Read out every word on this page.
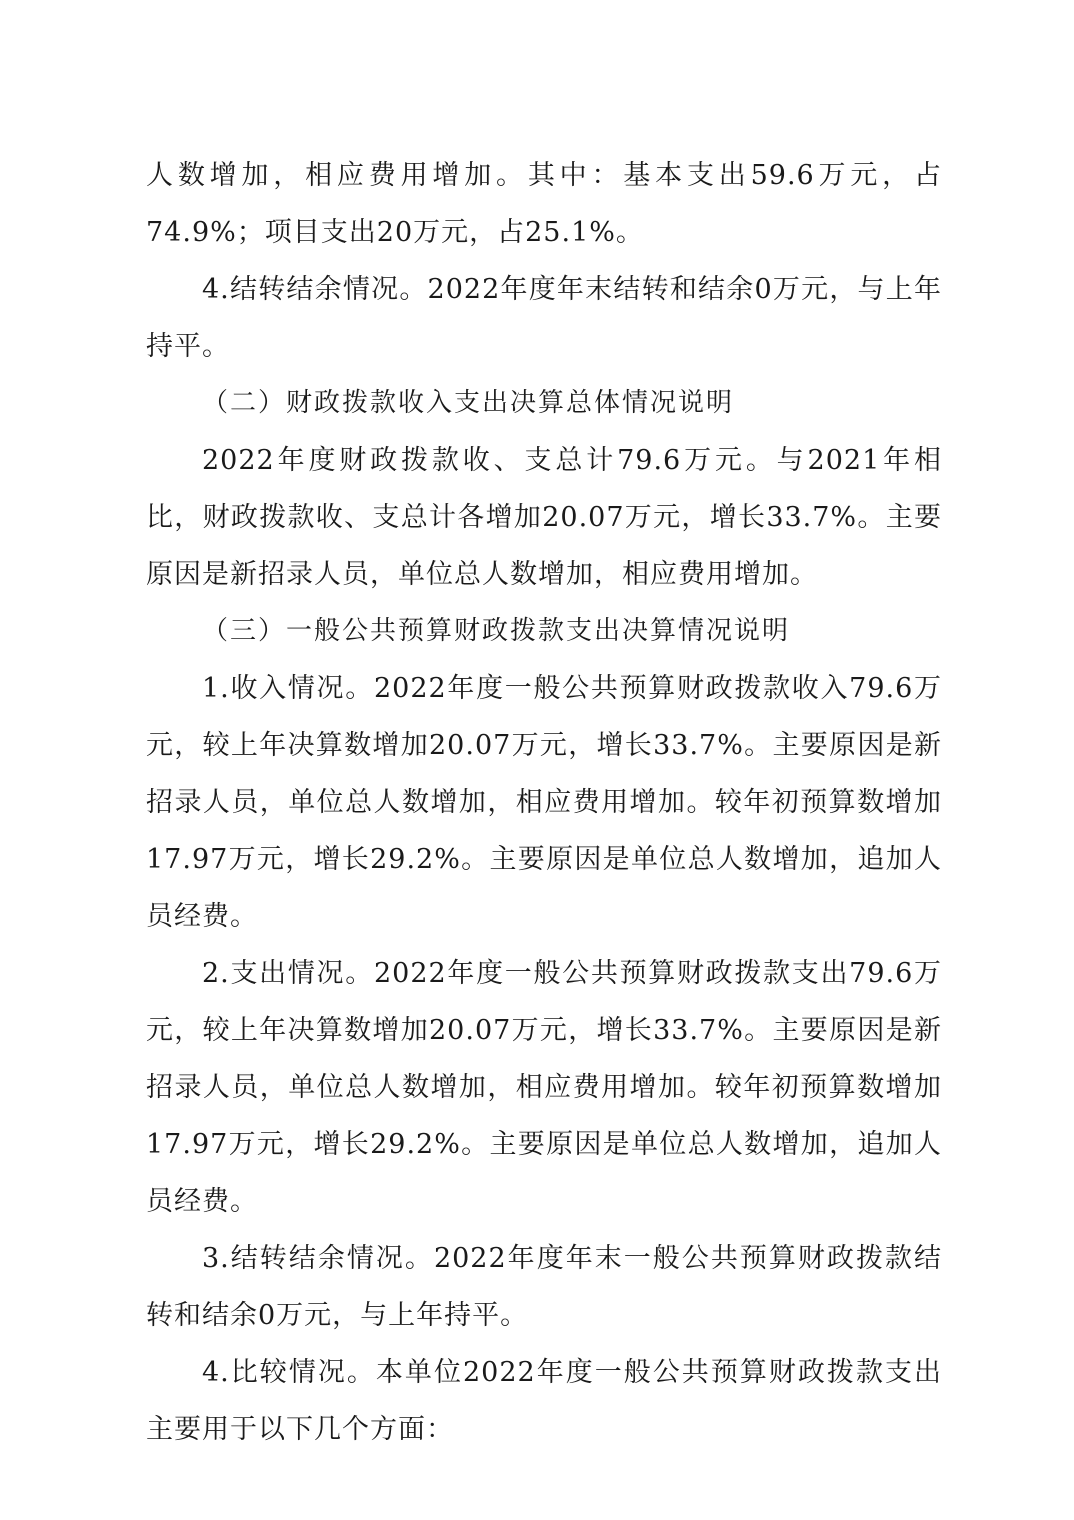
人数增加，相应费用增加。其中：基本支出59.6万元，占74.9%；项目支出20万元，占25.1%。

4.结转结余情况。2022年度年末结转和结余0万元，与上年持平。

（二）财政拨款收入支出决算总体情况说明

2022年度财政拨款收、支总计79.6万元。与2021年相比，财政拨款收、支总计各增加20.07万元，增长33.7%。主要原因是新招录人员，单位总人数增加，相应费用增加。

（三）一般公共预算财政拨款支出决算情况说明

1.收入情况。2022年度一般公共预算财政拨款收入79.6万元，较上年决算数增加20.07万元，增长33.7%。主要原因是新招录人员，单位总人数增加，相应费用增加。较年初预算数增加17.97万元，增长29.2%。主要原因是单位总人数增加，追加人员经费。

2.支出情况。2022年度一般公共预算财政拨款支出79.6万元，较上年决算数增加20.07万元，增长33.7%。主要原因是新招录人员，单位总人数增加，相应费用增加。较年初预算数增加17.97万元，增长29.2%。主要原因是单位总人数增加，追加人员经费。

3.结转结余情况。2022年度年末一般公共预算财政拨款结转和结余0万元，与上年持平。

4.比较情况。本单位2022年度一般公共预算财政拨款支出主要用于以下几个方面：
